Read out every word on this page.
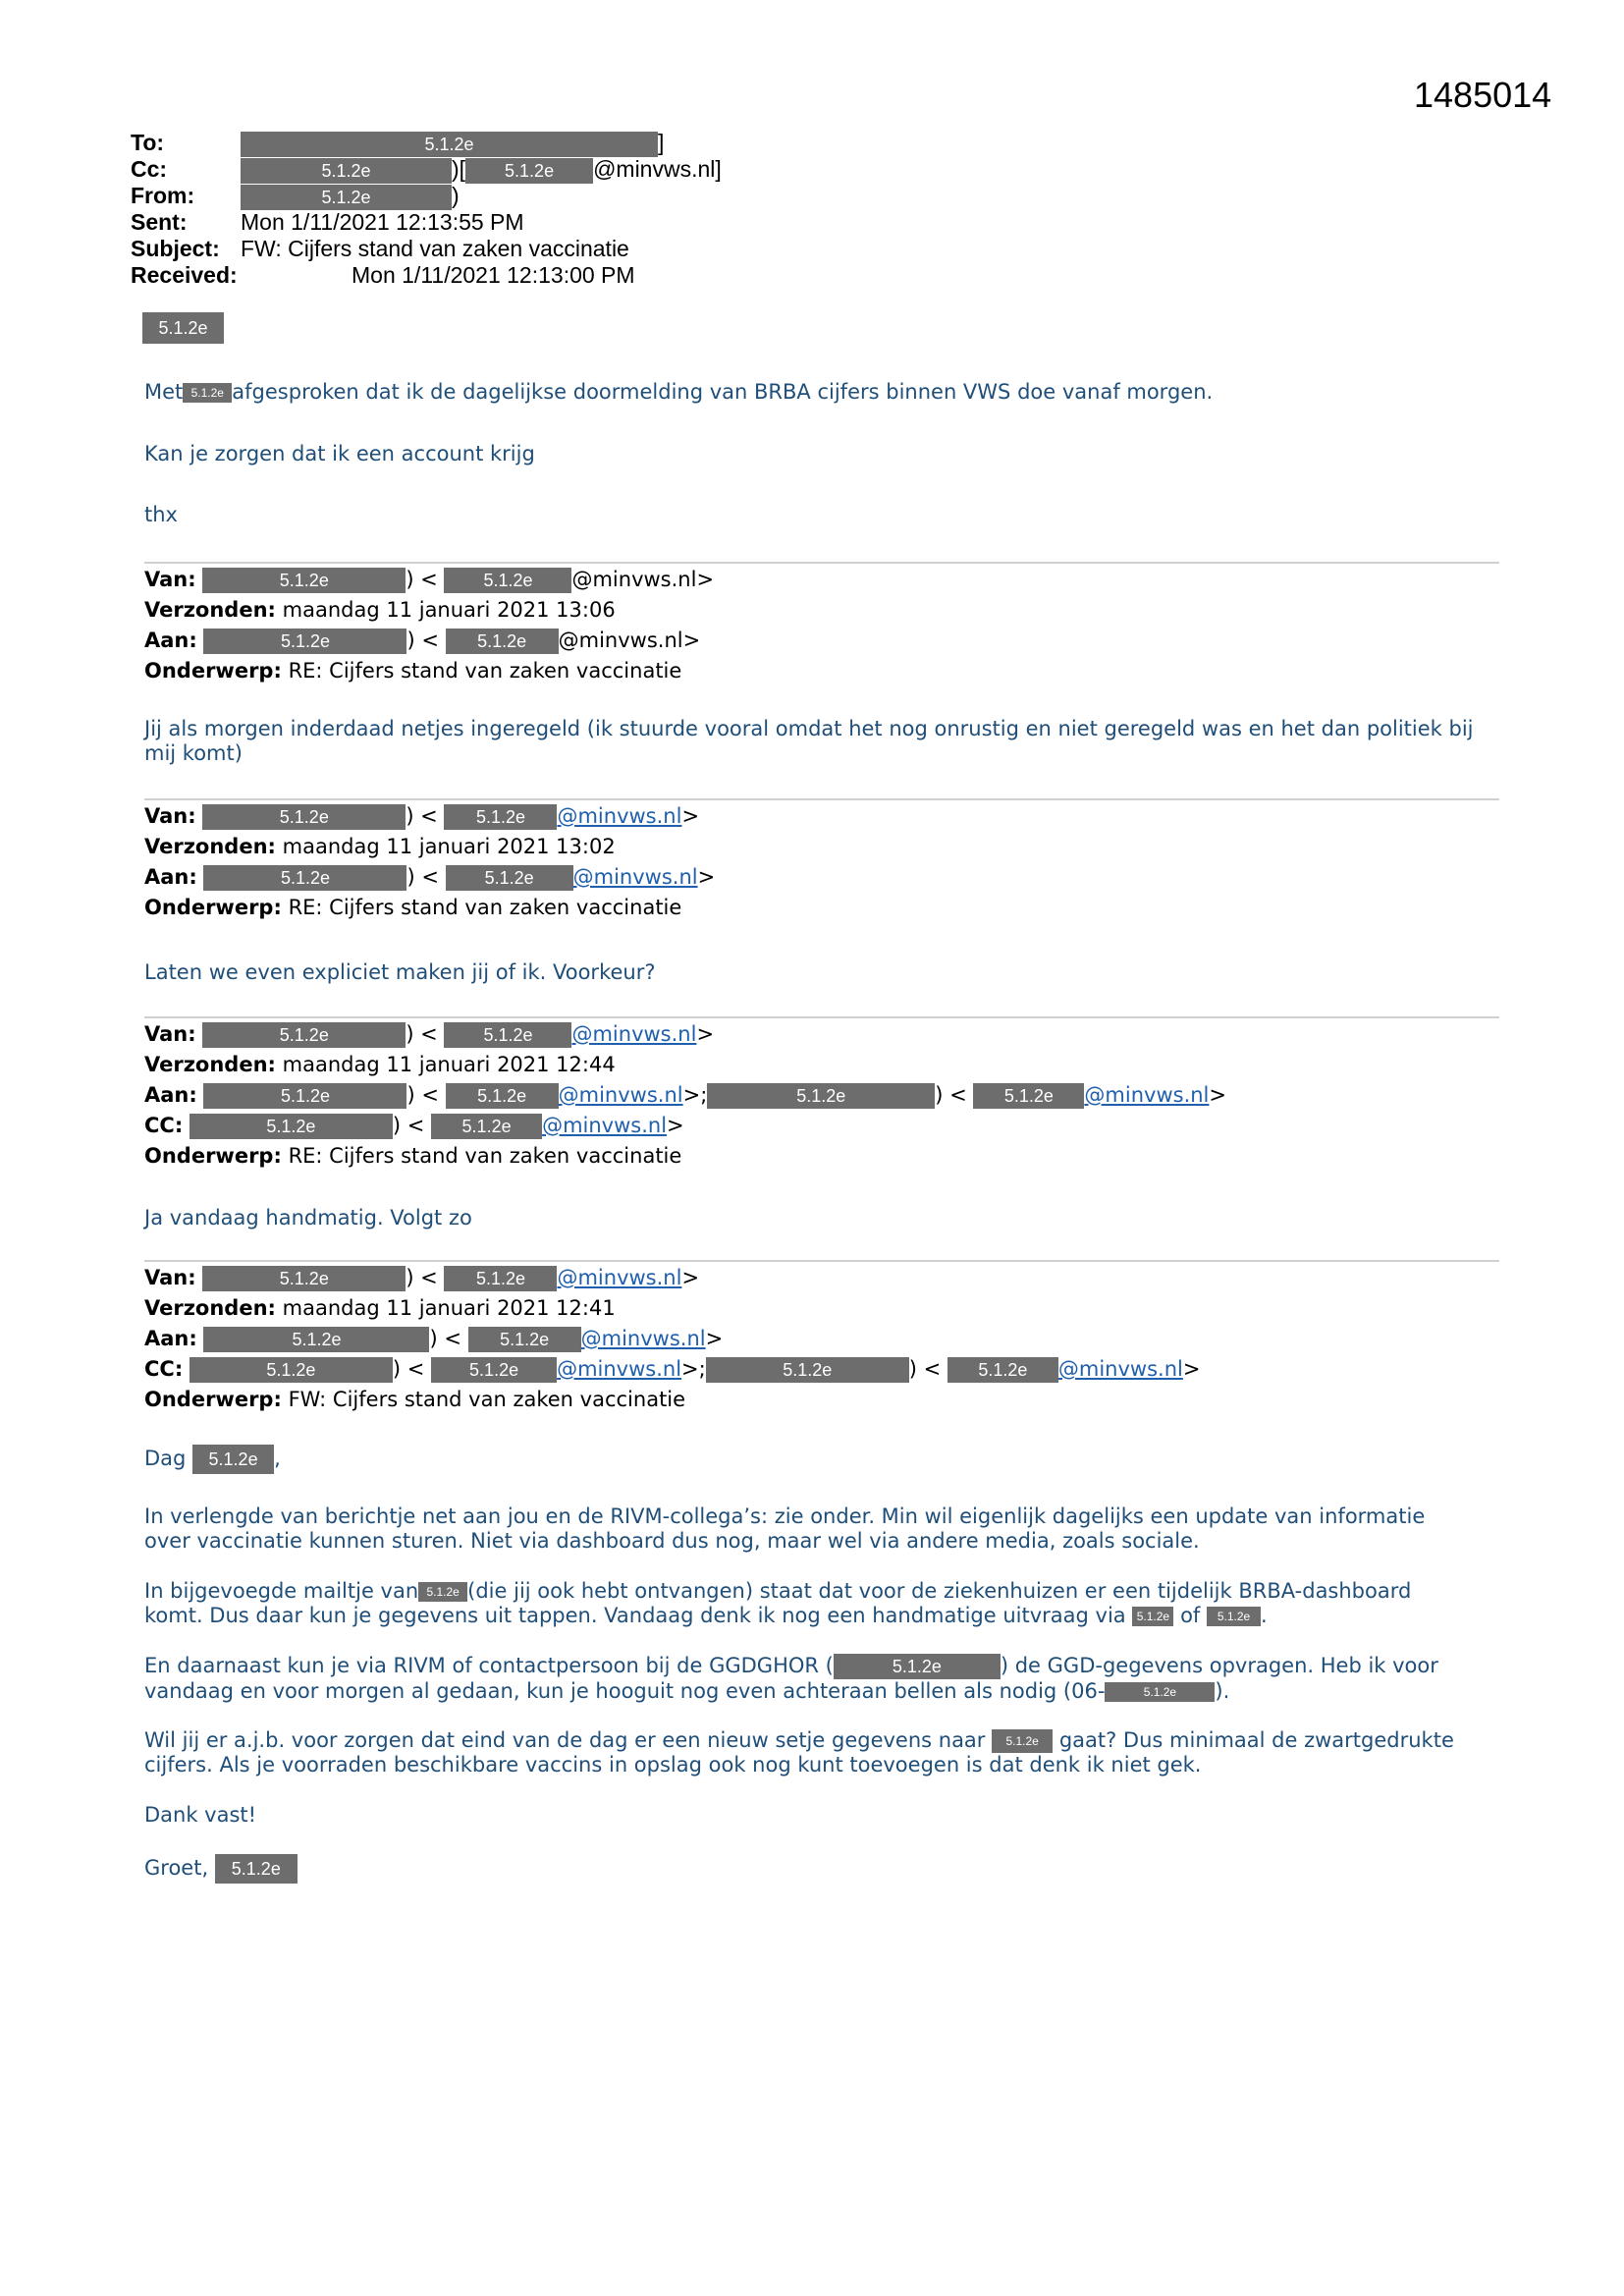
1485014
To:	5.1.2e	]
Cc:	5.1.2e	)[ 5.1.2e @minvws.nl]
From:	5.1.2e	)
Sent: Mon 1/11/2021 12:13:55 PM
Subject: FW: Cijfers stand van zaken vaccinatie
Received:	Mon 1/11/2021 12:13:00 PM
5.1.2e
Met 5.1.2e afgesproken dat ik de dagelijkse doormelding van BRBA cijfers binnen VWS doe vanaf morgen.
Kan je zorgen dat ik een account krijg
thx
Van:	5.1.2e	) <	5.1.2e @minvws.nl>
Verzonden: maandag 11 januari 2021 13:06
Aan:	5.1.2e	) < 5.1.2e @minvws.nl>
Onderwerp: RE: Cijfers stand van zaken vaccinatie
Jij als morgen inderdaad netjes ingeregeld (ik stuurde vooral omdat het nog onrustig en niet geregeld was en het dan politiek bij mij komt)
Van:	5.1.2e	) < 5.1.2e @minvws.nl>
Verzonden: maandag 11 januari 2021 13:02
Aan:	5.1.2e	) <	5.1.2e @minvws.nl>
Onderwerp: RE: Cijfers stand van zaken vaccinatie
Laten we even expliciet maken jij of ik. Voorkeur?
Van:	5.1.2e	) <	5.1.2e @minvws.nl>
Verzonden: maandag 11 januari 2021 12:44
Aan:	5.1.2e	) < 5.1.2e @minvws.nl>;	5.1.2e	) < 5.1.2e @minvws.nl>
CC:	5.1.2e	) < 5.1.2e @minvws.nl>
Onderwerp: RE: Cijfers stand van zaken vaccinatie
Ja vandaag handmatig. Volgt zo
Van:	5.1.2e	) < 5.1.2e @minvws.nl>
Verzonden: maandag 11 januari 2021 12:41
Aan:	5.1.2e	) < 5.1.2e @minvws.nl>
CC:	5.1.2e	) <	5.1.2e @minvws.nl>;	5.1.2e	) < 5.1.2e @minvws.nl>
Onderwerp: FW: Cijfers stand van zaken vaccinatie
Dag 5.1.2e ,
In verlengde van berichtje net aan jou en de RIVM-collega’s: zie onder. Min wil eigenlijk dagelijks een update van informatie over vaccinatie kunnen sturen. Niet via dashboard dus nog, maar wel via andere media, zoals sociale.
In bijgevoegde mailtje van 5.1.2e (die jij ook hebt ontvangen) staat dat voor de ziekenhuizen er een tijdelijk BRBA-dashboard komt. Dus daar kun je gegevens uit tappen. Vandaag denk ik nog een handmatige uitvraag via 5.1.2e of 5.1.2e .
En daarnaast kun je via RIVM of contactpersoon bij de GGDGHOR (	5.1.2e	) de GGD-gegevens opvragen. Heb ik voor vandaag en voor morgen al gedaan, kun je hooguit nog even achteraan bellen als nodig (06-	5.1.2e ).
Wil jij er a.j.b. voor zorgen dat eind van de dag er een nieuw setje gegevens naar 5.1.2e gaat? Dus minimaal de zwartgedrukte cijfers. Als je voorraden beschikbare vaccins in opslag ook nog kunt toevoegen is dat denk ik niet gek.
Dank vast!
Groet, 5.1.2e
